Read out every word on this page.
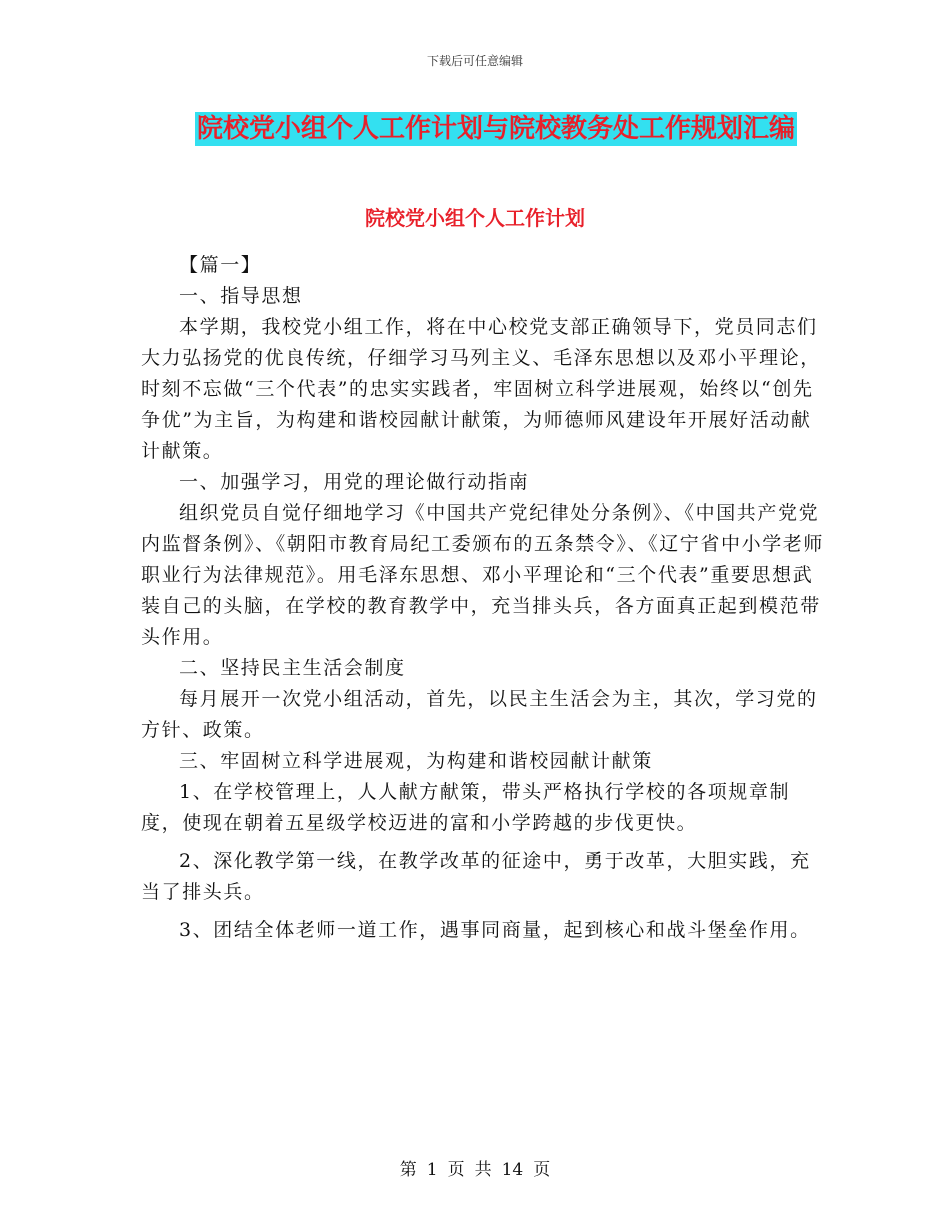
下载后可任意编辑
院校党小组个人工作计划与院校教务处工作规划汇编
院校党小组个人工作计划

【篇一】

一、指导思想

本学期，我校党小组工作，将在中心校党支部正确领导下，党员同志们大力弘扬党的优良传统，仔细学习马列主义、毛泽东思想以及邓小平理论，时刻不忘做“三个代表”的忠实实践者，牢固树立科学进展观，始终以“创先争优”为主旨，为构建和谐校园献计献策，为师德师风建设年开展好活动献计献策。

一、加强学习，用党的理论做行动指南

组织党员自觉仔细地学习《中国共产党纪律处分条例》、《中国共产党党内监督条例》、《朝阳市教育局纪工委颁布的五条禁令》、《辽宁省中小学老师职业行为法律规范》。用毛泽东思想、邓小平理论和“三个代表”重要思想武装自己的头脑，在学校的教育教学中，充当排头兵，各方面真正起到模范带头作用。

二、坚持民主生活会制度

每月展开一次党小组活动，首先，以民主生活会为主，其次，学习党的方针、政策。

三、牢固树立科学进展观，为构建和谐校园献计献策

1、在学校管理上，人人献方献策，带头严格执行学校的各项规章制度，使现在朝着五星级学校迈进的富和小学跨越的步伐更快。

2、深化教学第一线，在教学改革的征途中，勇于改革，大胆实践，充当了排头兵。

3、团结全体老师一道工作，遇事同商量，起到核心和战斗堡垒作用。

第 1 页 共 14 页
